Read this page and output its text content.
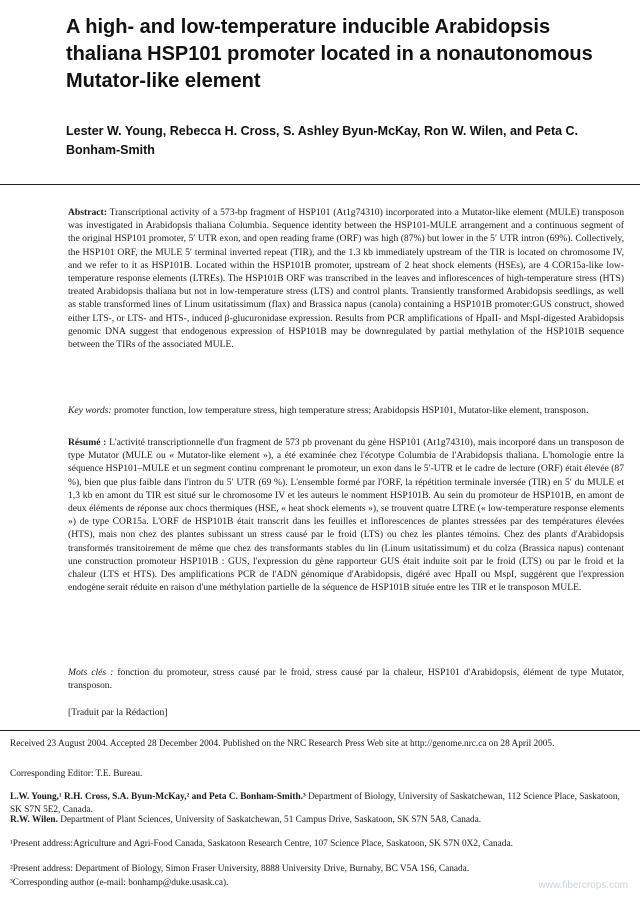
A high- and low-temperature inducible Arabidopsis thaliana HSP101 promoter located in a nonautonomous Mutator-like element
Lester W. Young, Rebecca H. Cross, S. Ashley Byun-McKay, Ron W. Wilen, and Peta C. Bonham-Smith
Abstract: Transcriptional activity of a 573-bp fragment of HSP101 (At1g74310) incorporated into a Mutator-like element (MULE) transposon was investigated in Arabidopsis thaliana Columbia. Sequence identity between the HSP101-MULE arrangement and a continuous segment of the original HSP101 promoter, 5′ UTR exon, and open reading frame (ORF) was high (87%) but lower in the 5′ UTR intron (69%). Collectively, the HSP101 ORF, the MULE 5′ terminal inverted repeat (TIR), and the 1.3 kb immediately upstream of the TIR is located on chromosome IV, and we refer to it as HSP101B. Located within the HSP101B promoter, upstream of 2 heat shock elements (HSEs), are 4 COR15a-like low-temperature response elements (LTREs). The HSP101B ORF was transcribed in the leaves and inflorescences of high-temperature stress (HTS) treated Arabidopsis thaliana but not in low-temperature stress (LTS) and control plants. Transiently transformed Arabidopsis seedlings, as well as stable transformed lines of Linum usitatissimum (flax) and Brassica napus (canola) containing a HSP101B promoter:GUS construct, showed either LTS-, or LTS- and HTS-, induced β-glucuronidase expression. Results from PCR amplifications of HpaII- and MspI-digested Arabidopsis genomic DNA suggest that endogenous expression of HSP101B may be downregulated by partial methylation of the HSP101B sequence between the TIRs of the associated MULE.
Key words: promoter function, low temperature stress, high temperature stress; Arabidopsis HSP101, Mutator-like element, transposon.
Résumé : L'activité transcriptionnelle d'un fragment de 573 pb provenant du gène HSP101 (At1g74310), mais incorporé dans un transposon de type Mutator (MULE ou « Mutator-like element »), a été examinée chez l'écotype Columbia de l'Arabidopsis thaliana. L'homologie entre la séquence HSP101–MULE et un segment continu comprenant le promoteur, un exon dans le 5′-UTR et le cadre de lecture (ORF) était élevée (87 %), bien que plus faible dans l'intron du 5′ UTR (69 %). L'ensemble formé par l'ORF, la répétition terminale inversée (TIR) en 5′ du MULE et 1,3 kb en amont du TIR est situé sur le chromosome IV et les auteurs le nomment HSP101B. Au sein du promoteur de HSP101B, en amont de deux éléments de réponse aux chocs thermiques (HSE, « heat shock elements »), se trouvent quatre LTRE (« low-temperature response elements ») de type COR15a. L'ORF de HSP101B était transcrit dans les feuilles et inflorescences de plantes stressées par des températures élevées (HTS), mais non chez des plantes subissant un stress causé par le froid (LTS) ou chez les plantes témoins. Chez des plants d'Arabidopsis transformés transitoirement de même que chez des transformants stables du lin (Linum usitatissimum) et du colza (Brassica napus) contenant une construction promoteur HSP101B : GUS, l'expression du gène rapporteur GUS était induite soit par le froid (LTS) ou par le froid et la chaleur (LTS et HTS). Des amplifications PCR de l'ADN génomique d'Arabidopsis, digéré avec HpaII ou MspI, suggèrent que l'expression endogène serait réduite en raison d'une méthylation partielle de la séquence de HSP101B située entre les TIR et le transposon MULE.
Mots clés : fonction du promoteur, stress causé par le froid, stress causé par la chaleur, HSP101 d'Arabidopsis, élément de type Mutator, transposon.
[Traduit par la Rédaction]
Received 23 August 2004. Accepted 28 December 2004. Published on the NRC Research Press Web site at http://genome.nrc.ca on 28 April 2005.
Corresponding Editor: T.E. Bureau.
L.W. Young,¹ R.H. Cross, S.A. Byun-McKay,² and Peta C. Bonham-Smith.³ Department of Biology, University of Saskatchewan, 112 Science Place, Saskatoon, SK S7N 5E2, Canada.
R.W. Wilen. Department of Plant Sciences, University of Saskatchewan, 51 Campus Drive, Saskatoon, SK S7N 5A8, Canada.
¹Present address:Agriculture and Agri-Food Canada, Saskatoon Research Centre, 107 Science Place, Saskatoon, SK S7N 0X2, Canada.
²Present address: Department of Biology, Simon Fraser University, 8888 University Drive, Burnaby, BC V5A 1S6, Canada.
³Corresponding author (e-mail: bonhamp@duke.usask.ca).	www.fibercrops.com
